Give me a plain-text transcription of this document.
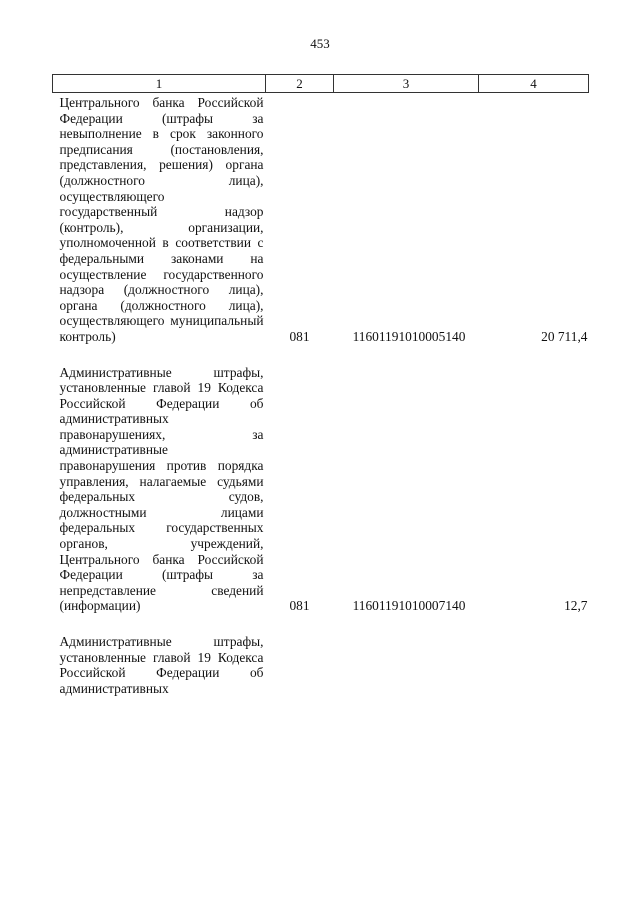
453
1	2	3	4
Центрального банка Российской Федерации (штрафы за невыполнение в срок законного предписания (постановления, представления, решения) органа (должностного лица), осуществляющего государственный надзор (контроль), организации, уполномоченной в соответствии с федеральными законами на осуществление государственного надзора (должностного лица), органа (должностного лица), осуществляющего муниципальный контроль)	081	11601191010005140	20 711,4

Административные штрафы, установленные главой 19 Кодекса Российской Федерации об административных правонарушениях, за административные правонарушения против порядка управления, налагаемые судьями федеральных судов, должностными лицами федеральных государственных органов, учреждений, Центрального банка Российской Федерации (штрафы за непредставление сведений (информации)	081	11601191010007140	12,7

Административные штрафы, установленные главой 19 Кодекса Российской Федерации об административных			
